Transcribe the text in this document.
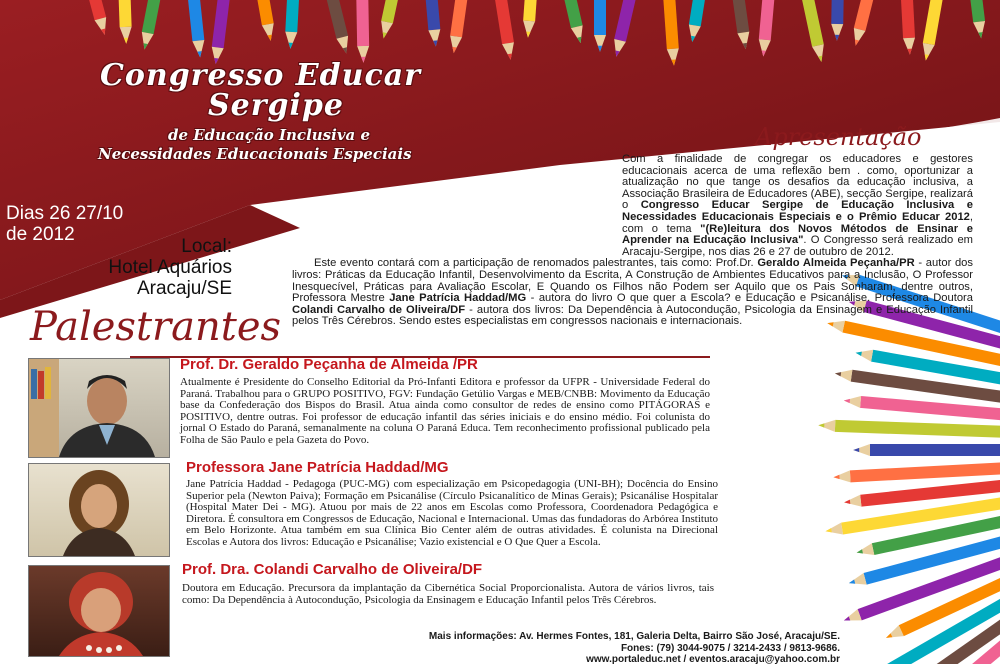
Congresso Educar
Sergipe
de Educação Inclusiva e
Necessidades Educacionais Especiais
Dias 26 27/10
de 2012
Local:
Hotel Aquários
Aracaju/SE
Apresentação
Com a finalidade de congregar os educadores e gestores educacionais acerca de uma reflexão bem . como, oportunizar a atualização no que tange os desafios da educação inclusiva, a Associação Brasileira de Educadores (ABE), secção Sergipe, realizará o Congresso Educar Sergipe de Educação Inclusiva e Necessidades Educacionais Especiais e o Prêmio Educar 2012, com o tema "(Re)leitura dos Novos Métodos de Ensinar e Aprender na Educação Inclusiva". O Congresso será realizado em Aracaju-Sergipe, nos dias 26 e 27 de outubro de 2012.
Este evento contará com a participação de renomados palestrantes, tais como: Prof.Dr. Geraldo Almeida Peçanha/PR - autor dos livros: Práticas da Educação Infantil, Desenvolvimento da Escrita, A Construção de Ambientes Educativos para a Inclusão, O Professor Inesquecível, Práticas para Avaliação Escolar, E Quando os Filhos não Podem ser Aquilo que os Pais Sonharam, dentre outros, Professora Mestre Jane Patrícia Haddad/MG - autora do livro O que quer a Escola? e Educação e Psicanálise. Professora Doutora Colandi Carvalho de Oliveira/DF - autora dos livros: Da Dependência à Autocondução, Psicologia da Ensinagem e Educação Infantil pelos Três Cérebros. Sendo estes especialistas em congressos nacionais e internacionais.
Palestrantes
Prof. Dr. Geraldo Peçanha de Almeida /PR
Atualmente é Presidente do Conselho Editorial da Pró-Infanti Editora e professor da UFPR - Universidade Federal do Paraná. Trabalhou para o GRUPO POSITIVO, FGV: Fundação Getúlio Vargas e MEB/CNBB: Movimento da Educação base da Confederação dos Bispos do Brasil. Atua ainda como consultor de redes de ensino como PITÁGORAS e POSITIVO, dentre outras. Foi professor de educação infantil das séries iniciais e do ensino médio. Foi colunista do jornal O Estado do Paraná, semanalmente na coluna O Paraná Educa. Tem reconhecimento profissional publicado pela Folha de São Paulo e pela Gazeta do Povo.
Professora Jane Patrícia Haddad/MG
Jane Patrícia Haddad - Pedagoga (PUC-MG) com especialização em Psicopedagogia (UNI-BH); Docência do Ensino Superior pela (Newton Paiva); Formação em Psicanálise (Círculo Psicanalítico de Minas Gerais); Psicanálise Hospitalar (Hospital Mater Dei - MG). Atuou por mais de 22 anos em Escolas como Professora, Coordenadora Pedagógica e Diretora. É consultora em Congressos de Educação, Nacional e Internacional. Umas das fundadoras do Arbórea Instituto em Belo Horizonte. Atua também em sua Clínica Bio Center além de outras atividades. É colunista na Direcional Escolas e Autora dos livros: Educação e Psicanálise; Vazio existencial e O Que Quer a Escola.
Prof. Dra. Colandi Carvalho de Oliveira/DF
Doutora em Educação. Precursora da implantação da Cibernética Social Proporcionalista. Autora de vários livros, tais como: Da Dependência à Autocondução, Psicologia da Ensinagem e Educação Infantil pelos Três Cérebros.
Mais informações: Av. Hermes Fontes, 181, Galeria Delta, Bairro São José, Aracaju/SE.
Fones: (79) 3044-9075 / 3214-2433 / 9813-9686.
www.portaleduc.net / eventos.aracaju@yahoo.com.br
